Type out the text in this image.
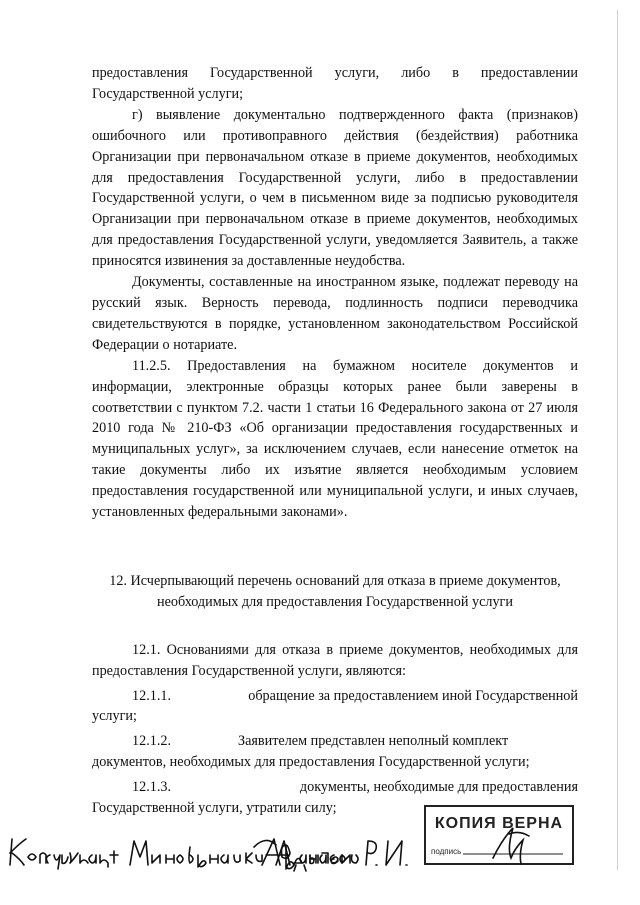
предоставления Государственной услуги, либо в предоставлении Государственной услуги;

г) выявление документально подтвержденного факта (признаков) ошибочного или противоправного действия (бездействия) работника Организации при первоначальном отказе в приеме документов, необходимых для предоставления Государственной услуги, либо в предоставлении Государственной услуги, о чем в письменном виде за подписью руководителя Организации при первоначальном отказе в приеме документов, необходимых для предоставления Государственной услуги, уведомляется Заявитель, а также приносятся извинения за доставленные неудобства.

Документы, составленные на иностранном языке, подлежат переводу на русский язык. Верность перевода, подлинность подписи переводчика свидетельствуются в порядке, установленном законодательством Российской Федерации о нотариате.

11.2.5. Предоставления на бумажном носителе документов и информации, электронные образцы которых ранее были заверены в соответствии с пунктом 7.2. части 1 статьи 16 Федерального закона от 27 июля 2010 года № 210-ФЗ «Об организации предоставления государственных и муниципальных услуг», за исключением случаев, если нанесение отметок на такие документы либо их изъятие является необходимым условием предоставления государственной или муниципальной услуги, и иных случаев, установленных федеральными законами».

12. Исчерпывающий перечень оснований для отказа в приеме документов, необходимых для предоставления Государственной услуги

12.1. Основаниями для отказа в приеме документов, необходимых для предоставления Государственной услуги, являются:

12.1.1.	обращение за предоставлением иной Государственной

услуги;

12.1.2.	Заявителем представлен неполный комплект

документов, необходимых для предоставления Государственной услуги;

12.1.3.	документы, необходимые для предоставления

Государственной услуги, утратили силу;

Консультант Минобрнауки Адыгеи Афанасов Р. И.	КОПИЯ ВЕРНА
подпись
